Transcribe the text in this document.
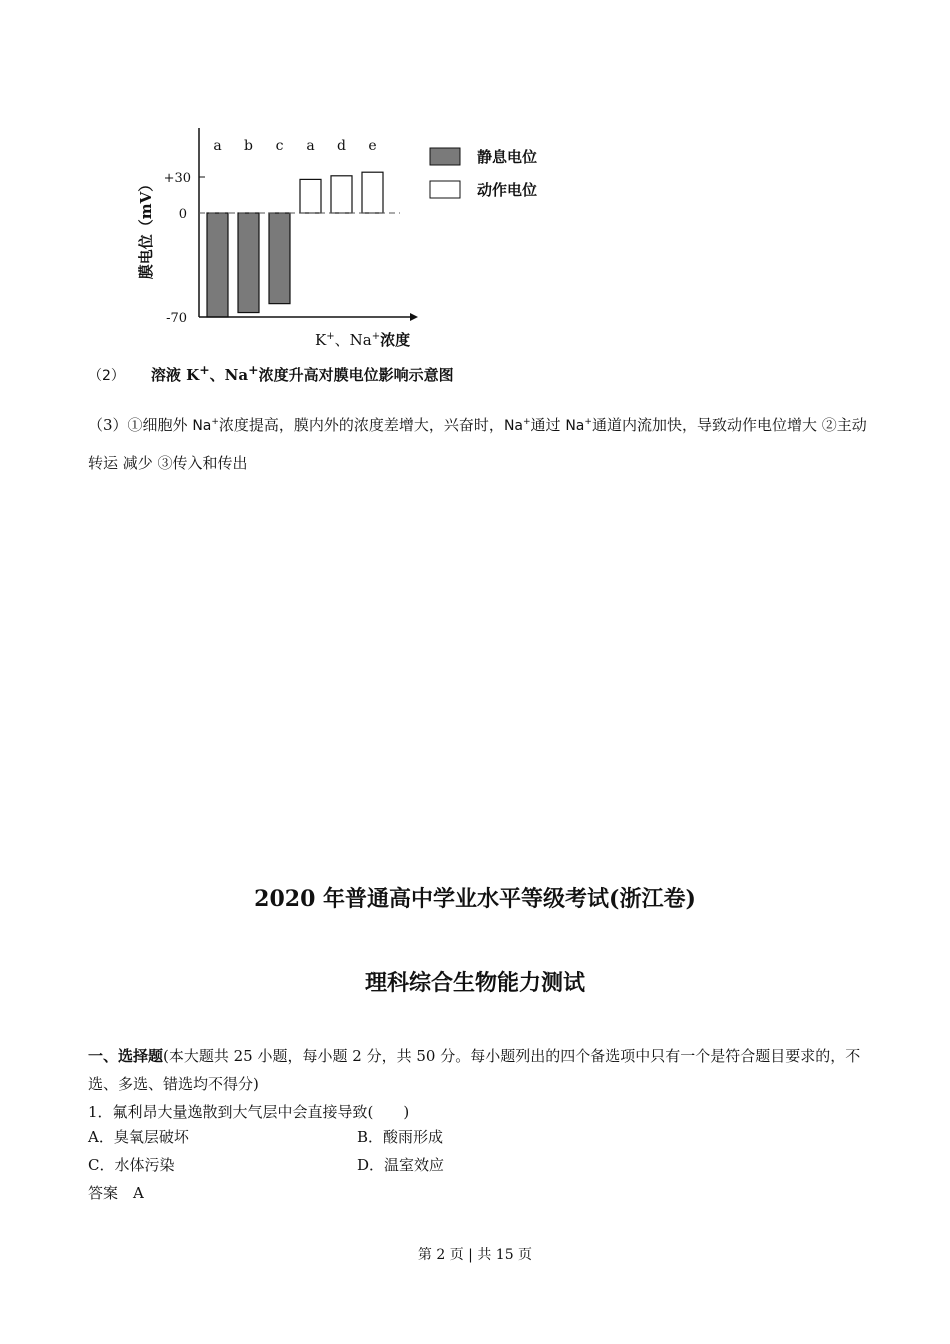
a b c a d e
+30
0
-70
膜电位（mV）
K+、Na+浓度
静息电位
动作电位
（2） 溶液 K+、Na+浓度升高对膜电位影响示意图
（3）①细胞外 Na+浓度提高，膜内外的浓度差增大，兴奋时，Na+通过 Na+通道内流加快，导致动作电位增大 ②主动转运 减少 ③传入和传出
2020 年普通高中学业水平等级考试(浙江卷)
理科综合生物能力测试
一、选择题(本大题共 25 小题，每小题 2 分，共 50 分。每小题列出的四个备选项中只有一个是符合题目要求的，不选、多选、错选均不得分)
1．氟利昂大量逸散到大气层中会直接导致(　　)
A．臭氧层破坏	B．酸雨形成
C．水体污染	D．温室效应
答案　A
第 2 页 | 共 15 页
